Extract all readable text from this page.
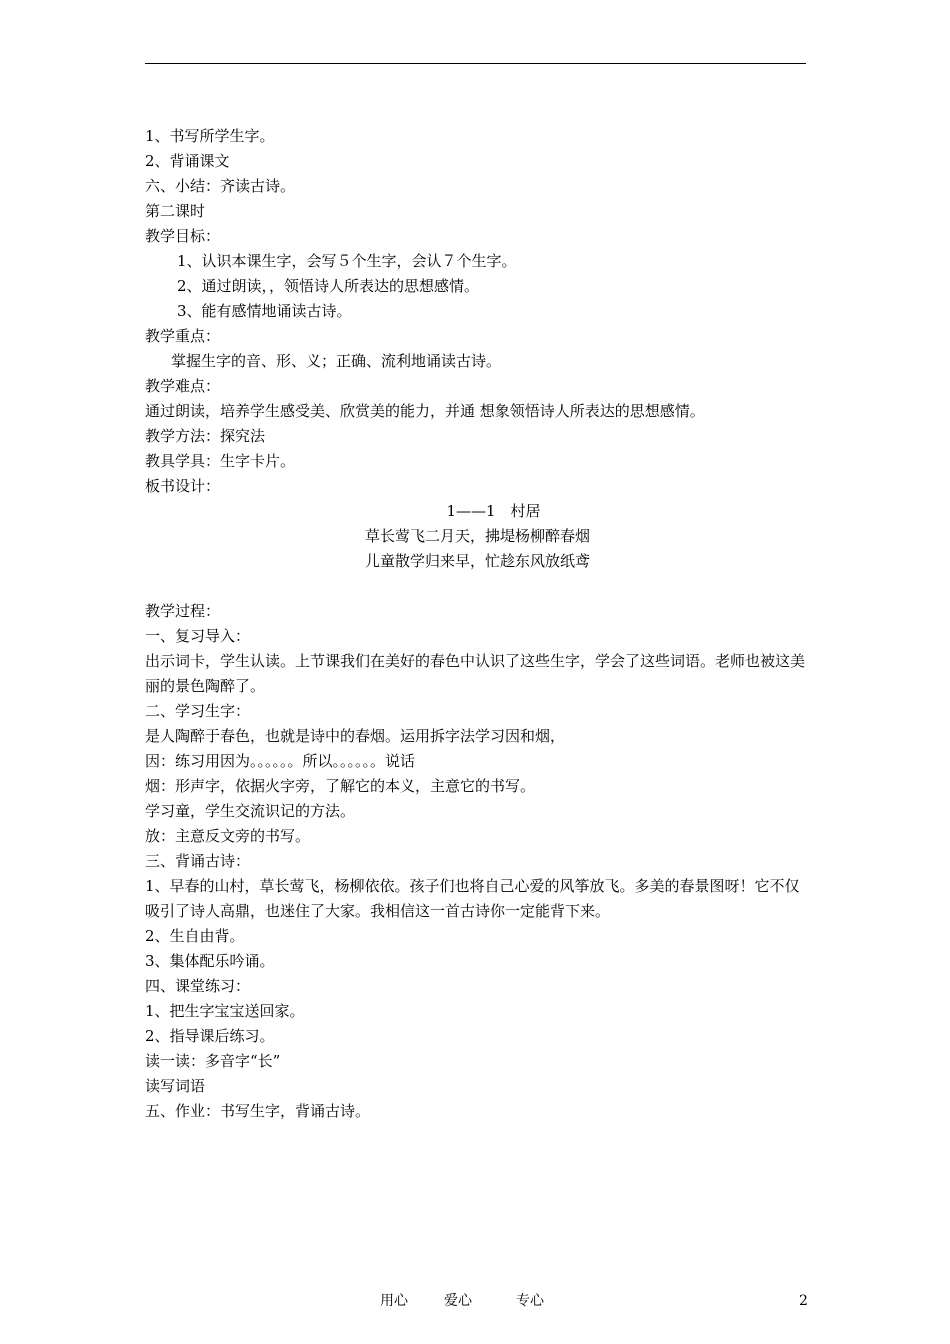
1、书写所学生字。
2、背诵课文
六、小结：齐读古诗。
第二课时
教学目标：
1、认识本课生字，会写５个生字，会认７个生字。
2、通过朗读，，领悟诗人所表达的思想感情。
3、能有感情地诵读古诗。
教学重点：
掌握生字的音、形、义；正确、流利地诵读古诗。
教学难点：
通过朗读，培养学生感受美、欣赏美的能力，并通 想象领悟诗人所表达的思想感情。
教学方法：探究法
教具学具：生字卡片。
板书设计：
1——1　村居
草长莺飞二月天，拂堤杨柳醉春烟
儿童散学归来早，忙趁东风放纸鸢
教学过程：
一、复习导入：
出示词卡，学生认读。上节课我们在美好的春色中认识了这些生字，学会了这些词语。老师也被这美丽的景色陶醉了。
二、学习生字：
是人陶醉于春色，也就是诗中的春烟。运用拆字法学习因和烟，
因：练习用因为。。。。。。所以。。。。。。说话
烟：形声字，依据火字旁，了解它的本义，主意它的书写。
学习童，学生交流识记的方法。
放：主意反文旁的书写。
三、背诵古诗：
1、早春的山村，草长莺飞，杨柳依依。孩子们也将自己心爱的风筝放飞。多美的春景图呀！它不仅吸引了诗人高鼎，也迷住了大家。我相信这一首古诗你一定能背下来。
2、生自由背。
3、集体配乐吟诵。
四、课堂练习：
1、把生字宝宝送回家。
2、指导课后练习。
读一读：多音字“长”
读写词语
五、作业：书写生字，背诵古诗。
用心	爱心	专心	2
